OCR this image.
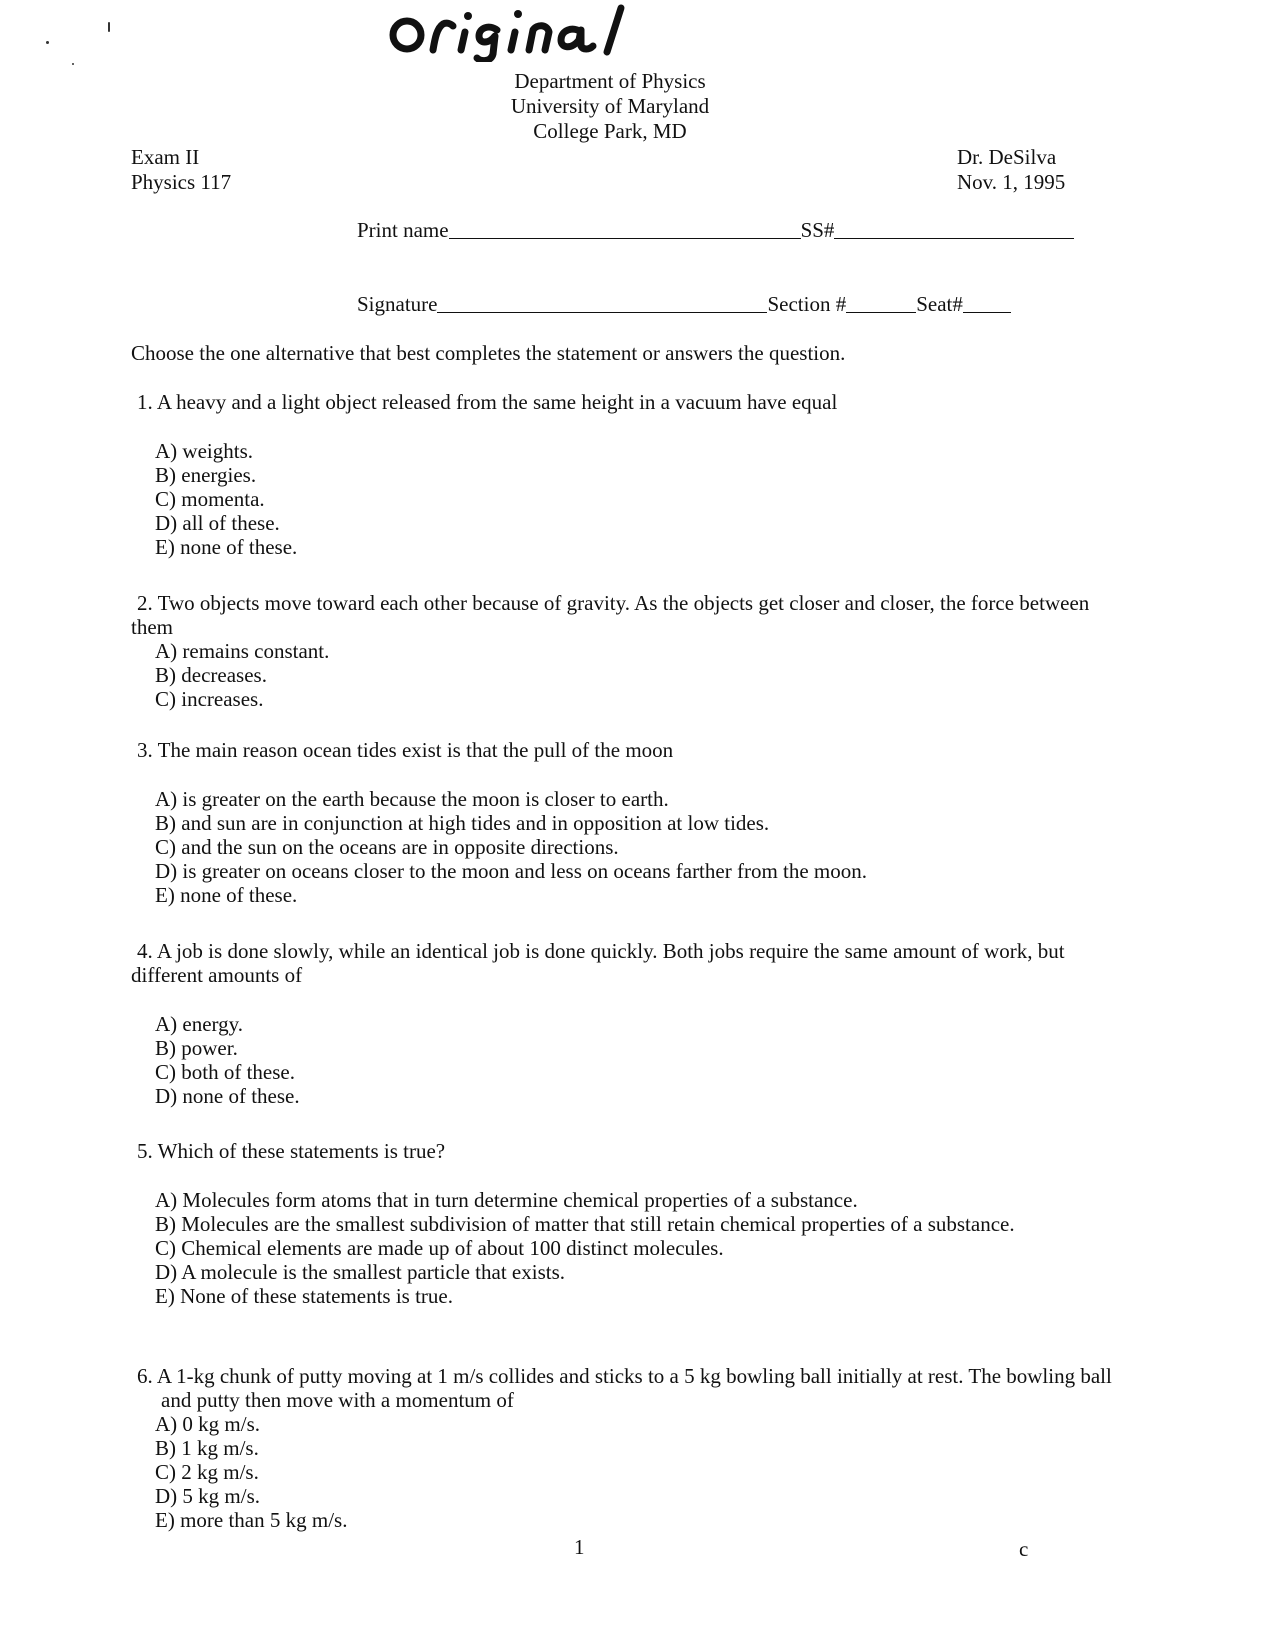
Department of Physics
University of Maryland
College Park, MD
Exam II
Physics 117
Dr. DeSilva
Nov. 1, 1995
Print name	SS#
Signature	Section #	Seat#
Choose the one alternative that best completes the statement or answers the question.
1. A heavy and a light object released from the same height in a vacuum have equal
A) weights.
B) energies.
C) momenta.
D) all of these.
E) none of these.
2. Two objects move toward each other because of gravity. As the objects get closer and closer, the force between them
A) remains constant.
B) decreases.
C) increases.
3. The main reason ocean tides exist is that the pull of the moon
A) is greater on the earth because the moon is closer to earth.
B) and sun are in conjunction at high tides and in opposition at low tides.
C) and the sun on the oceans are in opposite directions.
D) is greater on oceans closer to the moon and less on oceans farther from the moon.
E) none of these.
4. A job is done slowly, while an identical job is done quickly. Both jobs require the same amount of work, but different amounts of
A) energy.
B) power.
C) both of these.
D) none of these.
5. Which of these statements is true?
A) Molecules form atoms that in turn determine chemical properties of a substance.
B) Molecules are the smallest subdivision of matter that still retain chemical properties of a substance.
C) Chemical elements are made up of about 100 distinct molecules.
D) A molecule is the smallest particle that exists.
E) None of these statements is true.
6. A 1-kg chunk of putty moving at 1 m/s collides and sticks to a 5 kg bowling ball initially at rest. The bowling ball and putty then move with a momentum of
A) 0 kg m/s.
B) 1 kg m/s.
C) 2 kg m/s.
D) 5 kg m/s.
E) more than 5 kg m/s.
1	c
